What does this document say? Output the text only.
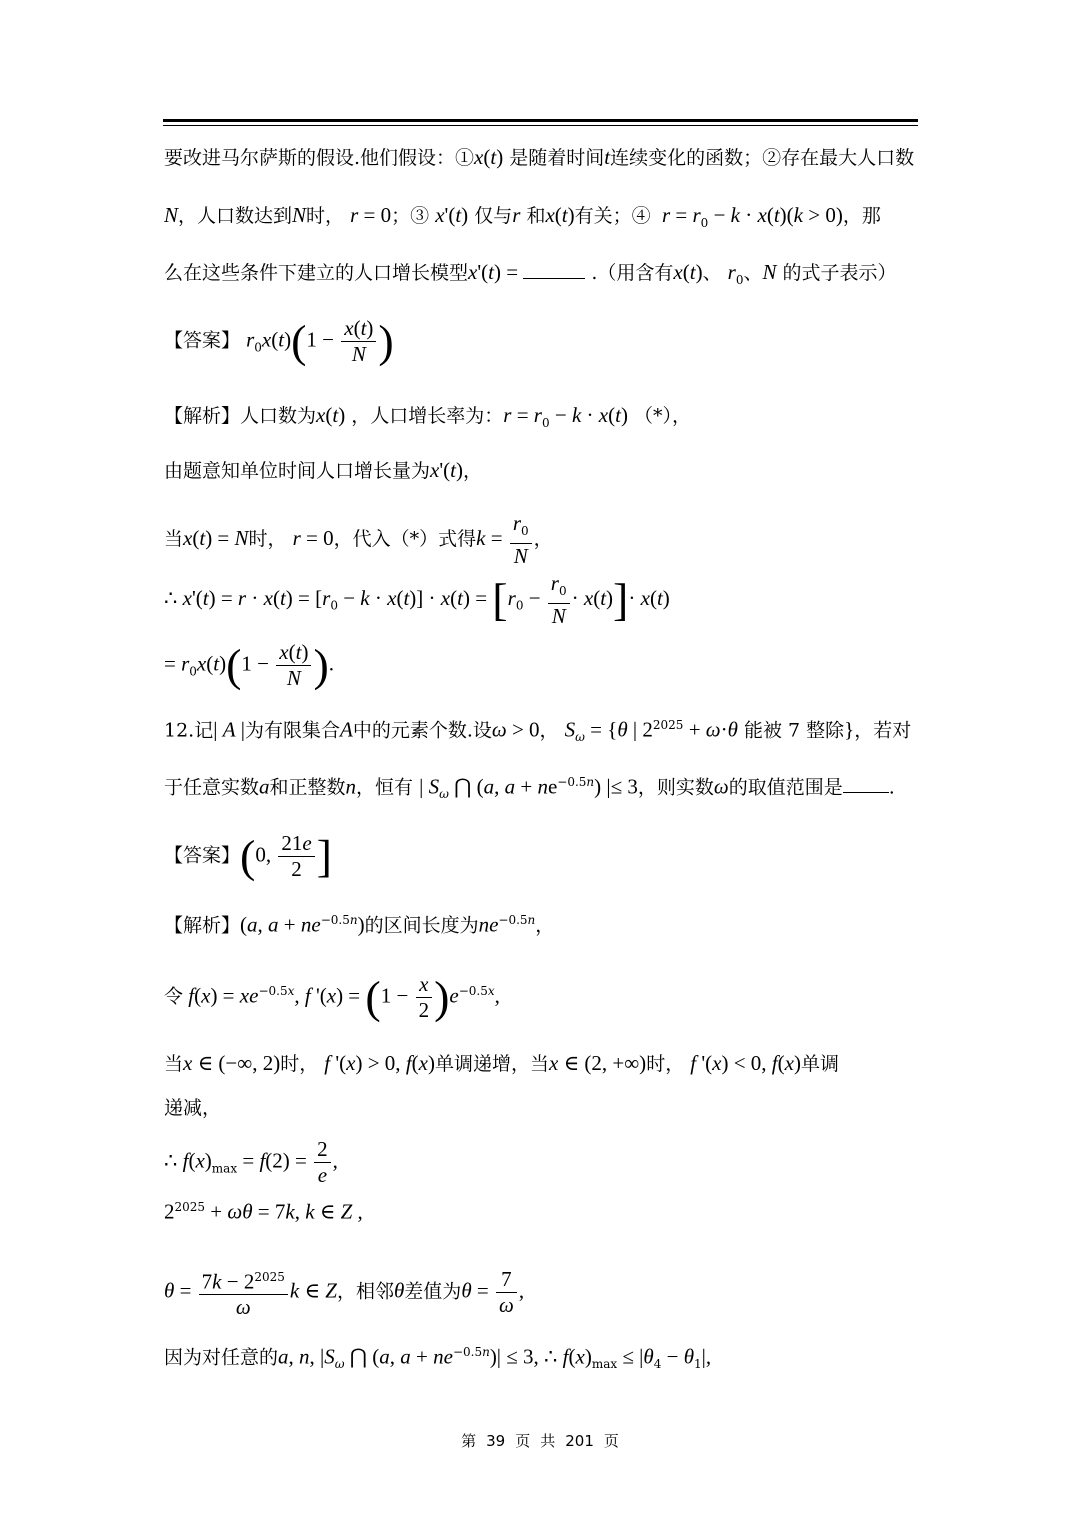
要改进马尔萨斯的假设.他们假设：①x(t) 是随着时间t连续变化的函数；②存在最大人口数
N，人口数达到N时， r = 0；③ x'(t) 仅与r 和x(t)有关；④  $r = r_0 - k \cdot x(t)(k > 0)$，那
么在这些条件下建立的人口增长模型x'(t) =	.（用含有x(t)、 $r_0$、N 的式子表示）
【答案】 $r_0x(t)(1 - \frac{x(t)}{N}$ )
【解析】人口数为x(t) ，人口增长率为：$r = r_0 - k \cdot x(t)$ （*），
由题意知单位时间人口增长量为x'(t)，
当x(t) = N时， r = 0，代入（*）式得$k = \frac{r_0}{N}$ ，
∴ $x'(t) = r \cdot x(t) = [r_0 - k \cdot x(t)] \cdot x(t) = [r_0 - \frac{r_0}{N} \cdot x(t)]\cdot x(t)$
= $r_0x(t)(1 - \frac{x(t)}{N}$ ).
12.记| A |为有限集合A中的元素个数.设ω > 0， $S_\omega = \{\theta$ | $2^{2025} + \omega\cdot\theta$ 能被 7 整除}，若对
于任意实数a和正整数n，恒有 | $S_\omega$ ⋂ (a, $a + ne^{-0.5n}$) |≤ 3，则实数ω的取值范围是 .
【答案】(0, $\frac{21e}{2}$ ]
【解析】(a, $a + ne^{-0.5n}$)的区间长度为$ne^{-0.5n}$，
令 $f(x) = xe^{-0.5x}$, f '$(x) = (1 - \frac{x}{2} )e^{-0.5x}$,
当x ∈ (−∞, 2)时， f '(x) > 0, f(x)单调递增，当x ∈ (2, +∞)时， f '(x) < 0, f(x)单调
递减，
∴ $f(x)_{max} = f(2) = \frac{2}{e}$ ,
$2^{2025} + \omega\theta = 7k$, k ∈ Z ,
$\theta = \frac{7k - 2^{2025}}{\omega}$ k ∈ Z，相邻θ差值为$\theta = \frac{7}{\omega}$ ,
因为对任意的a, n, $|S_\omega$ ⋂ (a, $a + ne^{-0.5n})| \le 3$, ∴ $f(x)_{max} \le |\theta_4 - \theta_1|$,
第 39 页 共 201 页
